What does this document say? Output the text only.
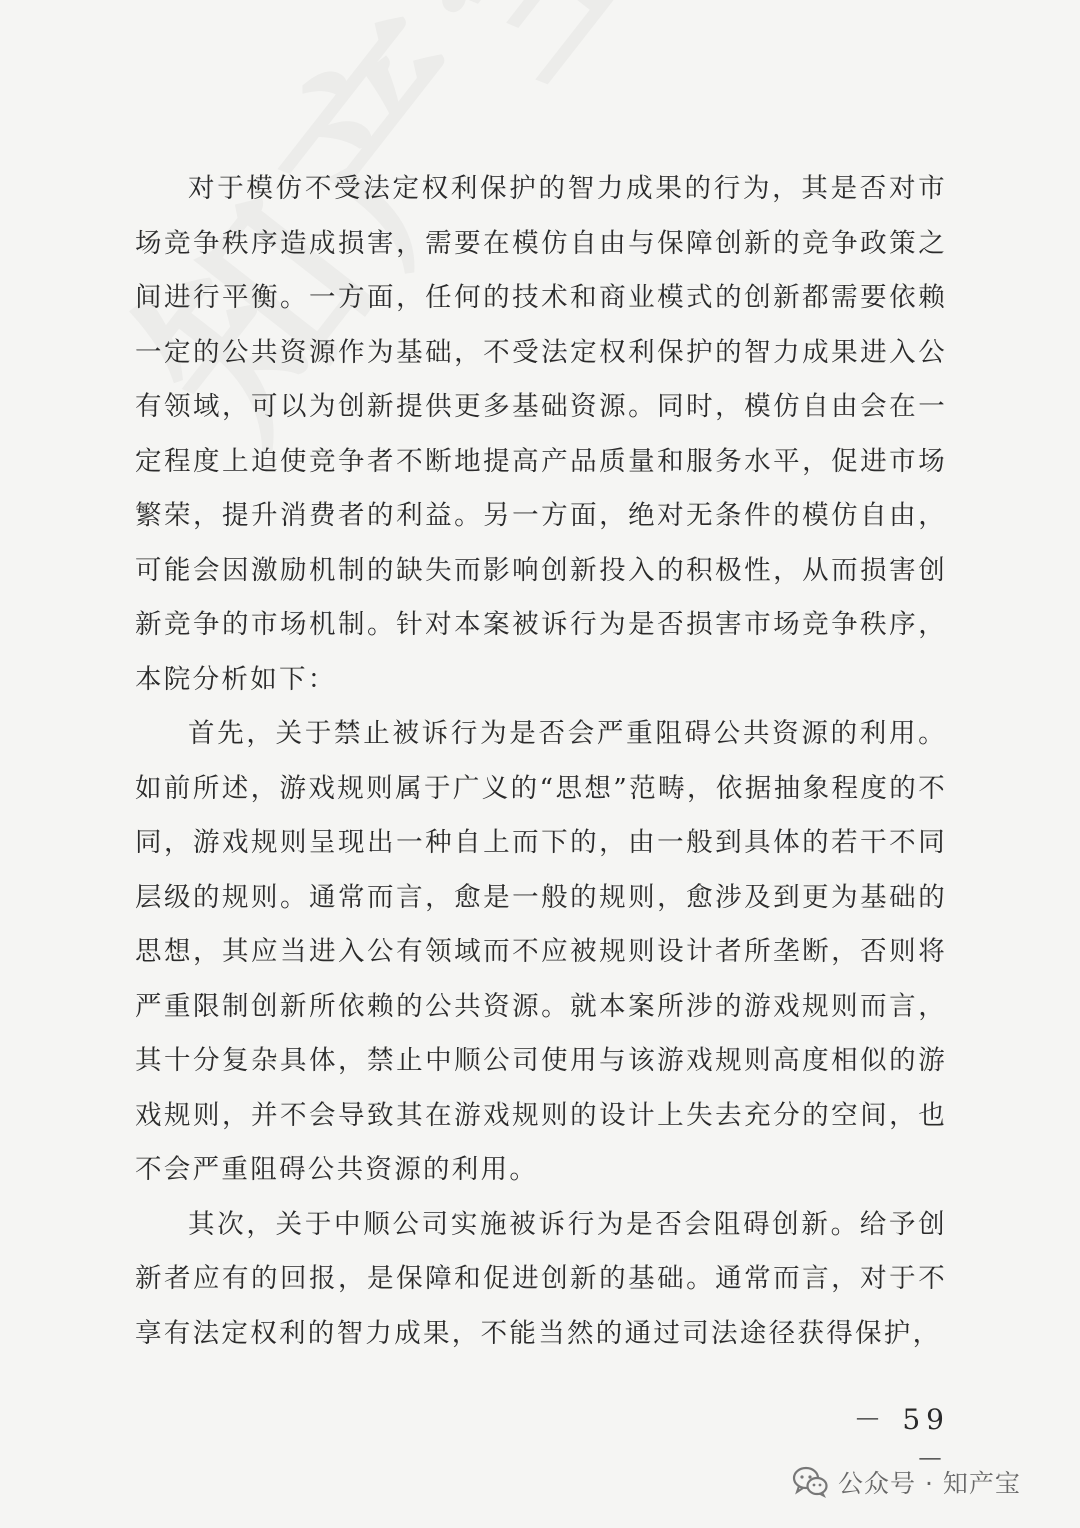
对于模仿不受法定权利保护的智力成果的行为，其是否对市场竞争秩序造成损害，需要在模仿自由与保障创新的竞争政策之间进行平衡。一方面，任何的技术和商业模式的创新都需要依赖一定的公共资源作为基础，不受法定权利保护的智力成果进入公有领域，可以为创新提供更多基础资源。同时，模仿自由会在一定程度上迫使竞争者不断地提高产品质量和服务水平，促进市场繁荣，提升消费者的利益。另一方面，绝对无条件的模仿自由，可能会因激励机制的缺失而影响创新投入的积极性，从而损害创新竞争的市场机制。针对本案被诉行为是否损害市场竞争秩序，本院分析如下：

首先，关于禁止被诉行为是否会严重阻碍公共资源的利用。如前所述，游戏规则属于广义的“思想”范畴，依据抽象程度的不同，游戏规则呈现出一种自上而下的，由一般到具体的若干不同层级的规则。通常而言，愈是一般的规则，愈涉及到更为基础的思想，其应当进入公有领域而不应被规则设计者所垄断，否则将严重限制创新所依赖的公共资源。就本案所涉的游戏规则而言，其十分复杂具体，禁止中顺公司使用与该游戏规则高度相似的游戏规则，并不会导致其在游戏规则的设计上失去充分的空间，也不会严重阻碍公共资源的利用。

其次，关于中顺公司实施被诉行为是否会阻碍创新。给予创新者应有的回报，是保障和促进创新的基础。通常而言，对于不享有法定权利的智力成果，不能当然的通过司法途径获得保护，

－ 59 －
公众号 · 知产宝
